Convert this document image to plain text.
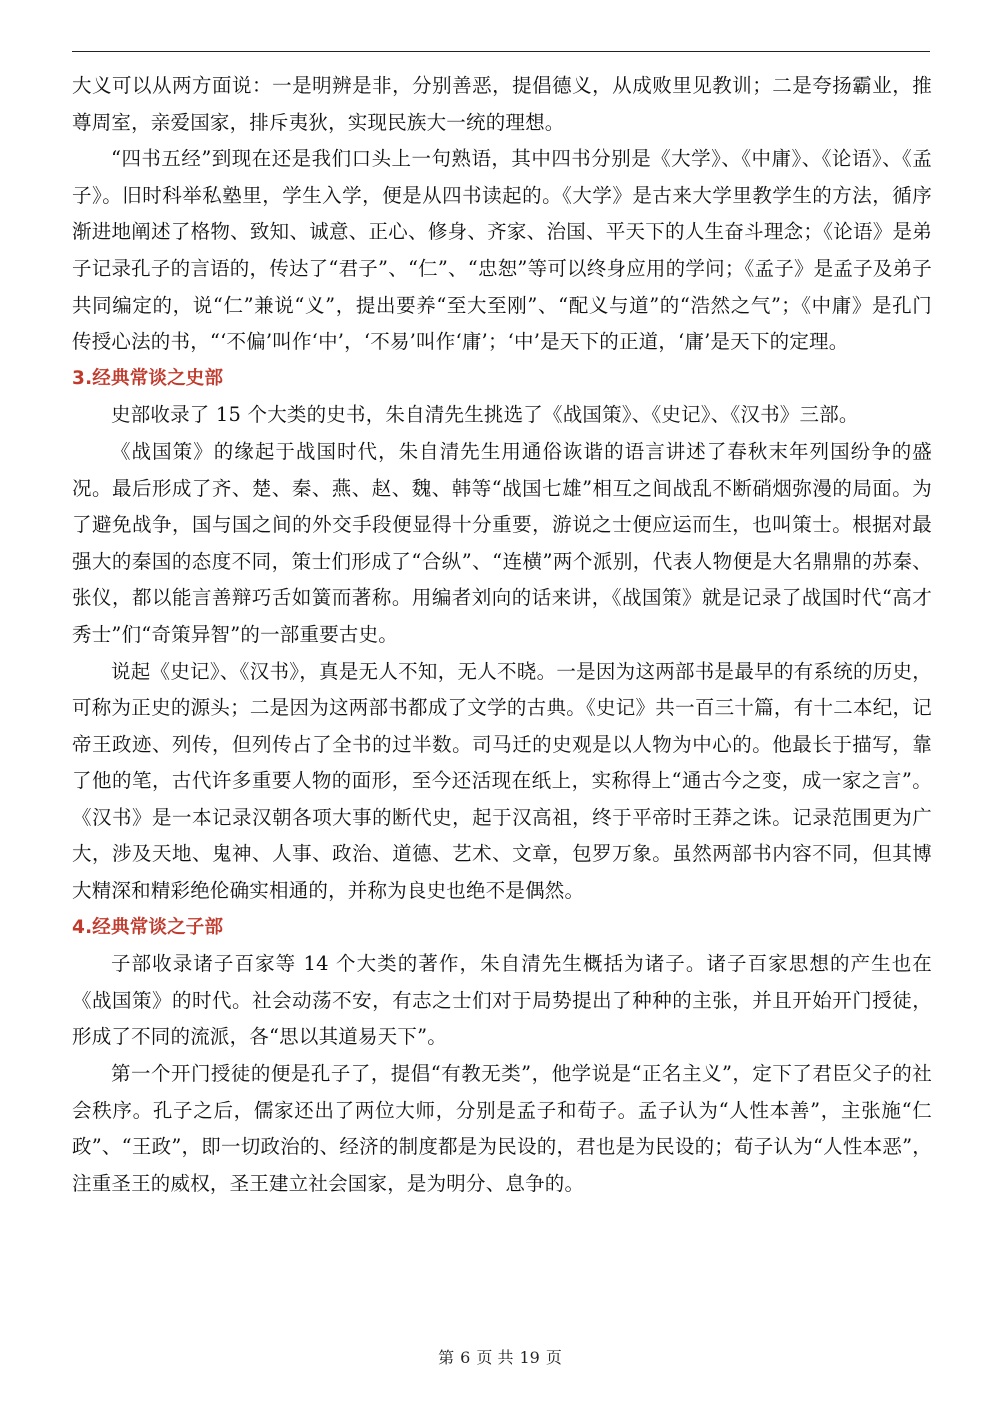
大义可以从两方面说：一是明辨是非，分别善恶，提倡德义，从成败里见教训；二是夸扬霸业，推尊周室，亲爱国家，排斥夷狄，实现民族大一统的理想。

“四书五经”到现在还是我们口头上一句熟语，其中四书分别是《大学》、《中庸》、《论语》、《孟子》。旧时科举私塾里，学生入学，便是从四书读起的。《大学》是古来大学里教学生的方法，循序渐进地阐述了格物、致知、诚意、正心、修身、齐家、治国、平天下的人生奋斗理念；《论语》是弟子记录孔子的言语的，传达了“君子”、“仁”、“忠恕”等可以终身应用的学问；《孟子》是孟子及弟子共同编定的，说“仁”兼说“义”，提出要养“至大至刚”、“配义与道”的“浩然之气”；《中庸》是孔门传授心法的书，“‘不偏’叫作‘中’，‘不易’叫作‘庸’；‘中’是天下的正道，‘庸’是天下的定理。

3.经典常谈之史部

史部收录了 15 个大类的史书，朱自清先生挑选了《战国策》、《史记》、《汉书》三部。

《战国策》的缘起于战国时代，朱自清先生用通俗诙谐的语言讲述了春秋末年列国纷争的盛况。最后形成了齐、楚、秦、燕、赵、魏、韩等“战国七雄”相互之间战乱不断硝烟弥漫的局面。为了避免战争，国与国之间的外交手段便显得十分重要，游说之士便应运而生，也叫策士。根据对最强大的秦国的态度不同，策士们形成了“合纵”、“连横”两个派别，代表人物便是大名鼎鼎的苏秦、张仪，都以能言善辩巧舌如簧而著称。用编者刘向的话来讲，《战国策》就是记录了战国时代“高才秀士”们“奇策异智”的一部重要古史。

说起《史记》、《汉书》，真是无人不知，无人不晓。一是因为这两部书是最早的有系统的历史，可称为正史的源头；二是因为这两部书都成了文学的古典。《史记》共一百三十篇，有十二本纪，记帝王政迹、列传，但列传占了全书的过半数。司马迁的史观是以人物为中心的。他最长于描写，靠了他的笔，古代许多重要人物的面形，至今还活现在纸上，实称得上“通古今之变，成一家之言”。《汉书》是一本记录汉朝各项大事的断代史，起于汉高祖，终于平帝时王莽之诛。记录范围更为广大，涉及天地、鬼神、人事、政治、道德、艺术、文章，包罗万象。虽然两部书内容不同，但其博大精深和精彩绝伦确实相通的，并称为良史也绝不是偶然。

4.经典常谈之子部

子部收录诸子百家等 14 个大类的著作，朱自清先生概括为诸子。诸子百家思想的产生也在《战国策》的时代。社会动荡不安，有志之士们对于局势提出了种种的主张，并且开始开门授徒，形成了不同的流派，各“思以其道易天下”。

第一个开门授徒的便是孔子了，提倡“有教无类”，他学说是“正名主义”，定下了君臣父子的社会秩序。孔子之后，儒家还出了两位大师，分别是孟子和荀子。孟子认为“人性本善”，主张施“仁政”、“王政”，即一切政治的、经济的制度都是为民设的，君也是为民设的；荀子认为“人性本恶”，注重圣王的威权，圣王建立社会国家，是为明分、息争的。

第 6 页 共 19 页
